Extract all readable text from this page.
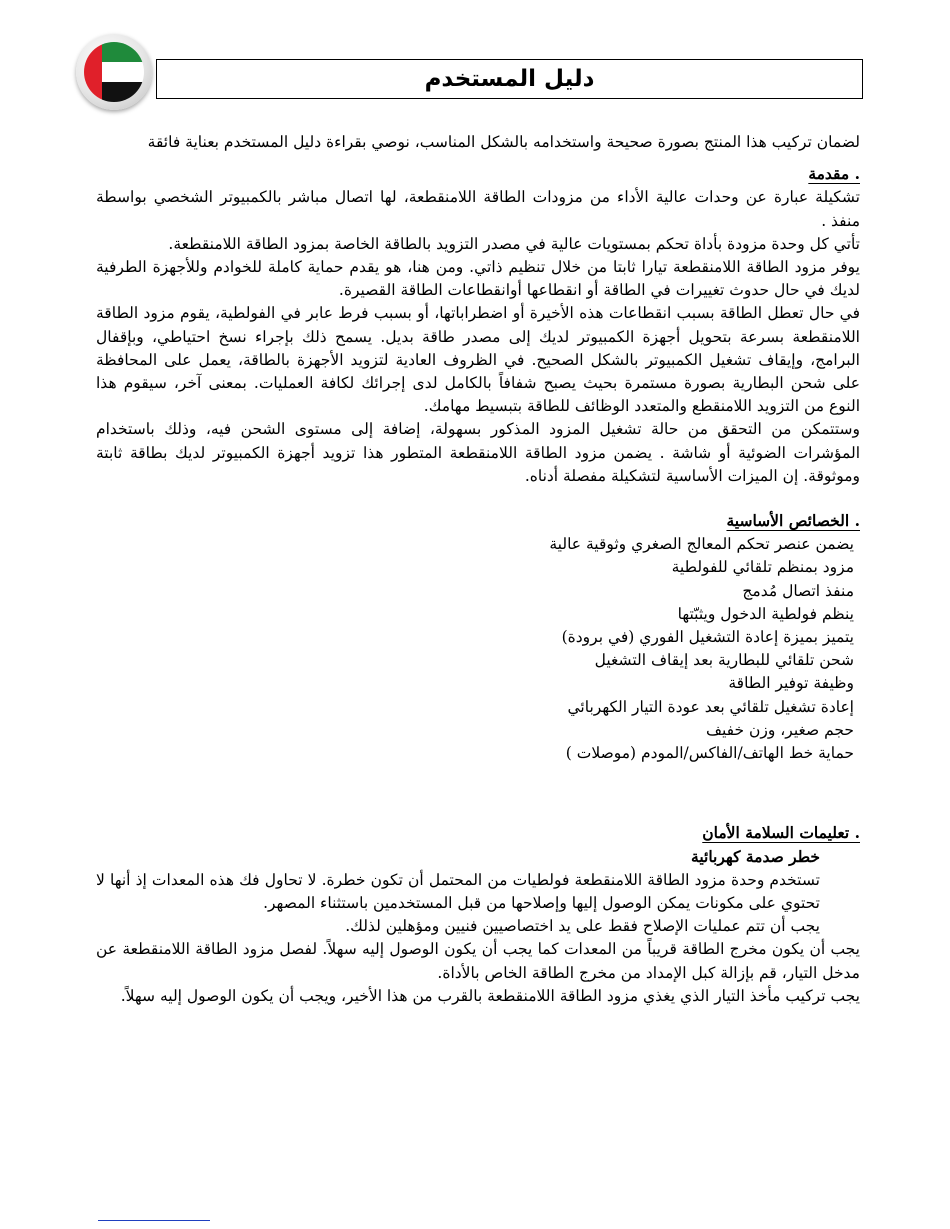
دليل المستخدم

لضمان تركيب هذا المنتج بصورة صحيحة واستخدامه بالشكل المناسب، نوصي بقراءة دليل المستخدم بعناية فائقة

. مقدمة

تشكيلة عبارة عن وحدات عالية الأداء من مزودات الطاقة اللامنقطعة، لها اتصال مباشر بالكمبيوتر الشخصي بواسطة منفذ .

تأتي كل وحدة مزودة بأداة تحكم بمستويات عالية في مصدر التزويد بالطاقة الخاصة بمزود الطاقة اللامنقطعة.

يوفر مزود الطاقة اللامنقطعة تيارا ثابتا من خلال تنظيم ذاتي. ومن هنا، هو يقدم حماية كاملة للخوادم وللأجهزة الطرفية لديك في حال حدوث تغييرات في الطاقة أو انقطاعها أوانقطاعات الطاقة القصيرة.

في حال تعطل الطاقة بسبب انقطاعات هذه الأخيرة أو اضطراباتها، أو بسبب فرط عابر في الفولطية، يقوم مزود الطاقة اللامنقطعة بسرعة بتحويل أجهزة الكمبيوتر لديك إلى مصدر طاقة بديل. يسمح ذلك بإجراء نسخ احتياطي، وبإقفال البرامج، وإيقاف تشغيل الكمبيوتر بالشكل الصحيح. في الظروف العادية لتزويد الأجهزة بالطاقة، يعمل على المحافظة على شحن البطارية بصورة مستمرة بحيث يصبح شفافاً بالكامل لدى إجرائك لكافة العمليات. بمعنى آخر، سيقوم هذا النوع من التزويد اللامنقطع والمتعدد الوظائف للطاقة بتبسيط مهامك.

وستتمكن من التحقق من حالة تشغيل المزود المذكور بسهولة، إضافة إلى مستوى الشحن فيه، وذلك باستخدام المؤشرات الضوئية أو شاشة . يضمن مزود الطاقة اللامنقطعة المتطور هذا تزويد أجهزة الكمبيوتر لديك بطاقة ثابتة وموثوقة. إن الميزات الأساسية لتشكيلة مفصلة أدناه.

. الخصائص الأساسية

يضمن عنصر تحكم المعالج الصغري وثوقية عالية

مزود بمنظم تلقائي للفولطية

منفذ اتصال مُدمج

ينظم فولطية الدخول ويثبّتها

يتميز بميزة إعادة التشغيل الفوري (في برودة)

شحن تلقائي للبطارية بعد إيقاف التشغيل

وظيفة توفير الطاقة

إعادة تشغيل تلقائي بعد عودة التيار الكهربائي

حجم صغير، وزن خفيف

حماية خط الهاتف/الفاكس/المودم (موصلات )

. تعليمات السلامة الأمان

خطر صدمة كهربائية

تستخدم وحدة مزود الطاقة اللامنقطعة فولطيات من المحتمل أن تكون خطرة. لا تحاول فك هذه المعدات إذ أنها لا تحتوي على مكونات يمكن الوصول إليها وإصلاحها من قبل المستخدمين باستثناء المصهر.

يجب أن تتم عمليات الإصلاح فقط على يد اختصاصيين فنيين ومؤهلين لذلك.

يجب أن يكون مخرج الطاقة قريباً من المعدات كما يجب أن يكون الوصول إليه سهلاً. لفصل مزود الطاقة اللامنقطعة عن مدخل التيار، قم بإزالة كبل الإمداد من مخرج الطاقة الخاص بالأداة.

يجب تركيب مأخذ التيار الذي يغذي مزود الطاقة اللامنقطعة بالقرب من هذا الأخير، ويجب أن يكون الوصول إليه سهلاً.
